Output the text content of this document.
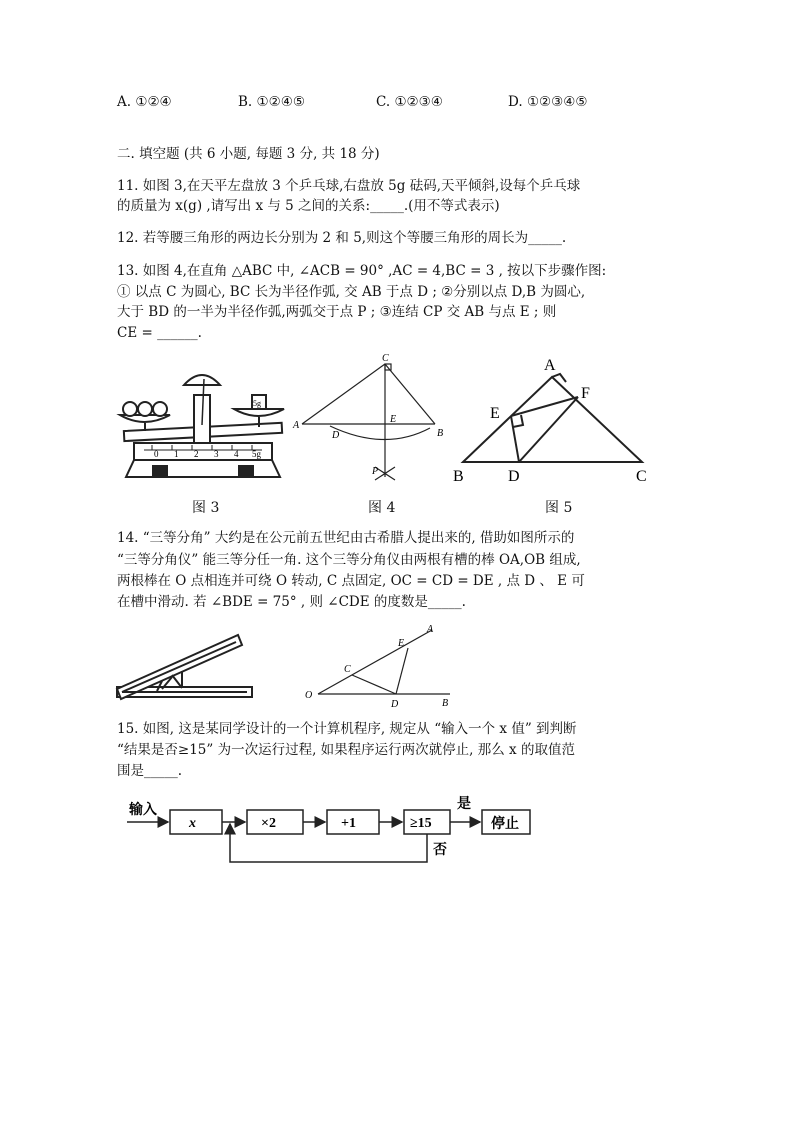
A. ①②④	B. ①②④⑤	C. ①②③④	D. ①②③④⑤
二. 填空题 (共 6 小题, 每题 3 分, 共 18 分)
11. 如图 3,在天平左盘放 3 个乒乓球,右盘放 5g 砝码,天平倾斜,设每个乒乓球
的质量为 x(g) ,请写出 x 与 5 之间的关系:_____.(用不等式表示)
12. 若等腰三角形的两边长分别为 2 和 5,则这个等腰三角形的周长为_____.
13. 如图 4,在直角 △ABC 中, ∠ACB = 90° ,AC = 4,BC = 3 , 按以下步骤作图:
① 以点 C 为圆心, BC 长为半径作弧, 交 AB 于点 D ; ②分别以点 D,B 为圆心,
大于 BD 的一半为半径作弧,两弧交于点 P ; ③连结 CP 交 AB 与点 E ; 则
CE = ______.
0 1 2 3 4 5g
5g
C
A
B
D
E
P
A
B	C
D
E
F
图 3	图 4	图 5
14. “三等分角” 大约是在公元前五世纪由古希腊人提出来的, 借助如图所示的
“三等分角仪” 能三等分任一角. 这个三等分角仪由两根有槽的棒 OA,OB 组成,
两根棒在 O 点相连并可绕 O 转动, C 点固定, OC = CD = DE , 点 D 、 E 可
在槽中滑动. 若 ∠BDE = 75° , 则 ∠CDE 的度数是_____.
O
C
D
E
A
B
15. 如图, 这是某同学设计的一个计算机程序, 规定从 “输入一个 x 值” 到判断
“结果是否≥15” 为一次运行过程, 如果程序运行两次就停止, 那么 x 的取值范
围是_____.
输入
x	×2	+1	≥15
是
否
停止
